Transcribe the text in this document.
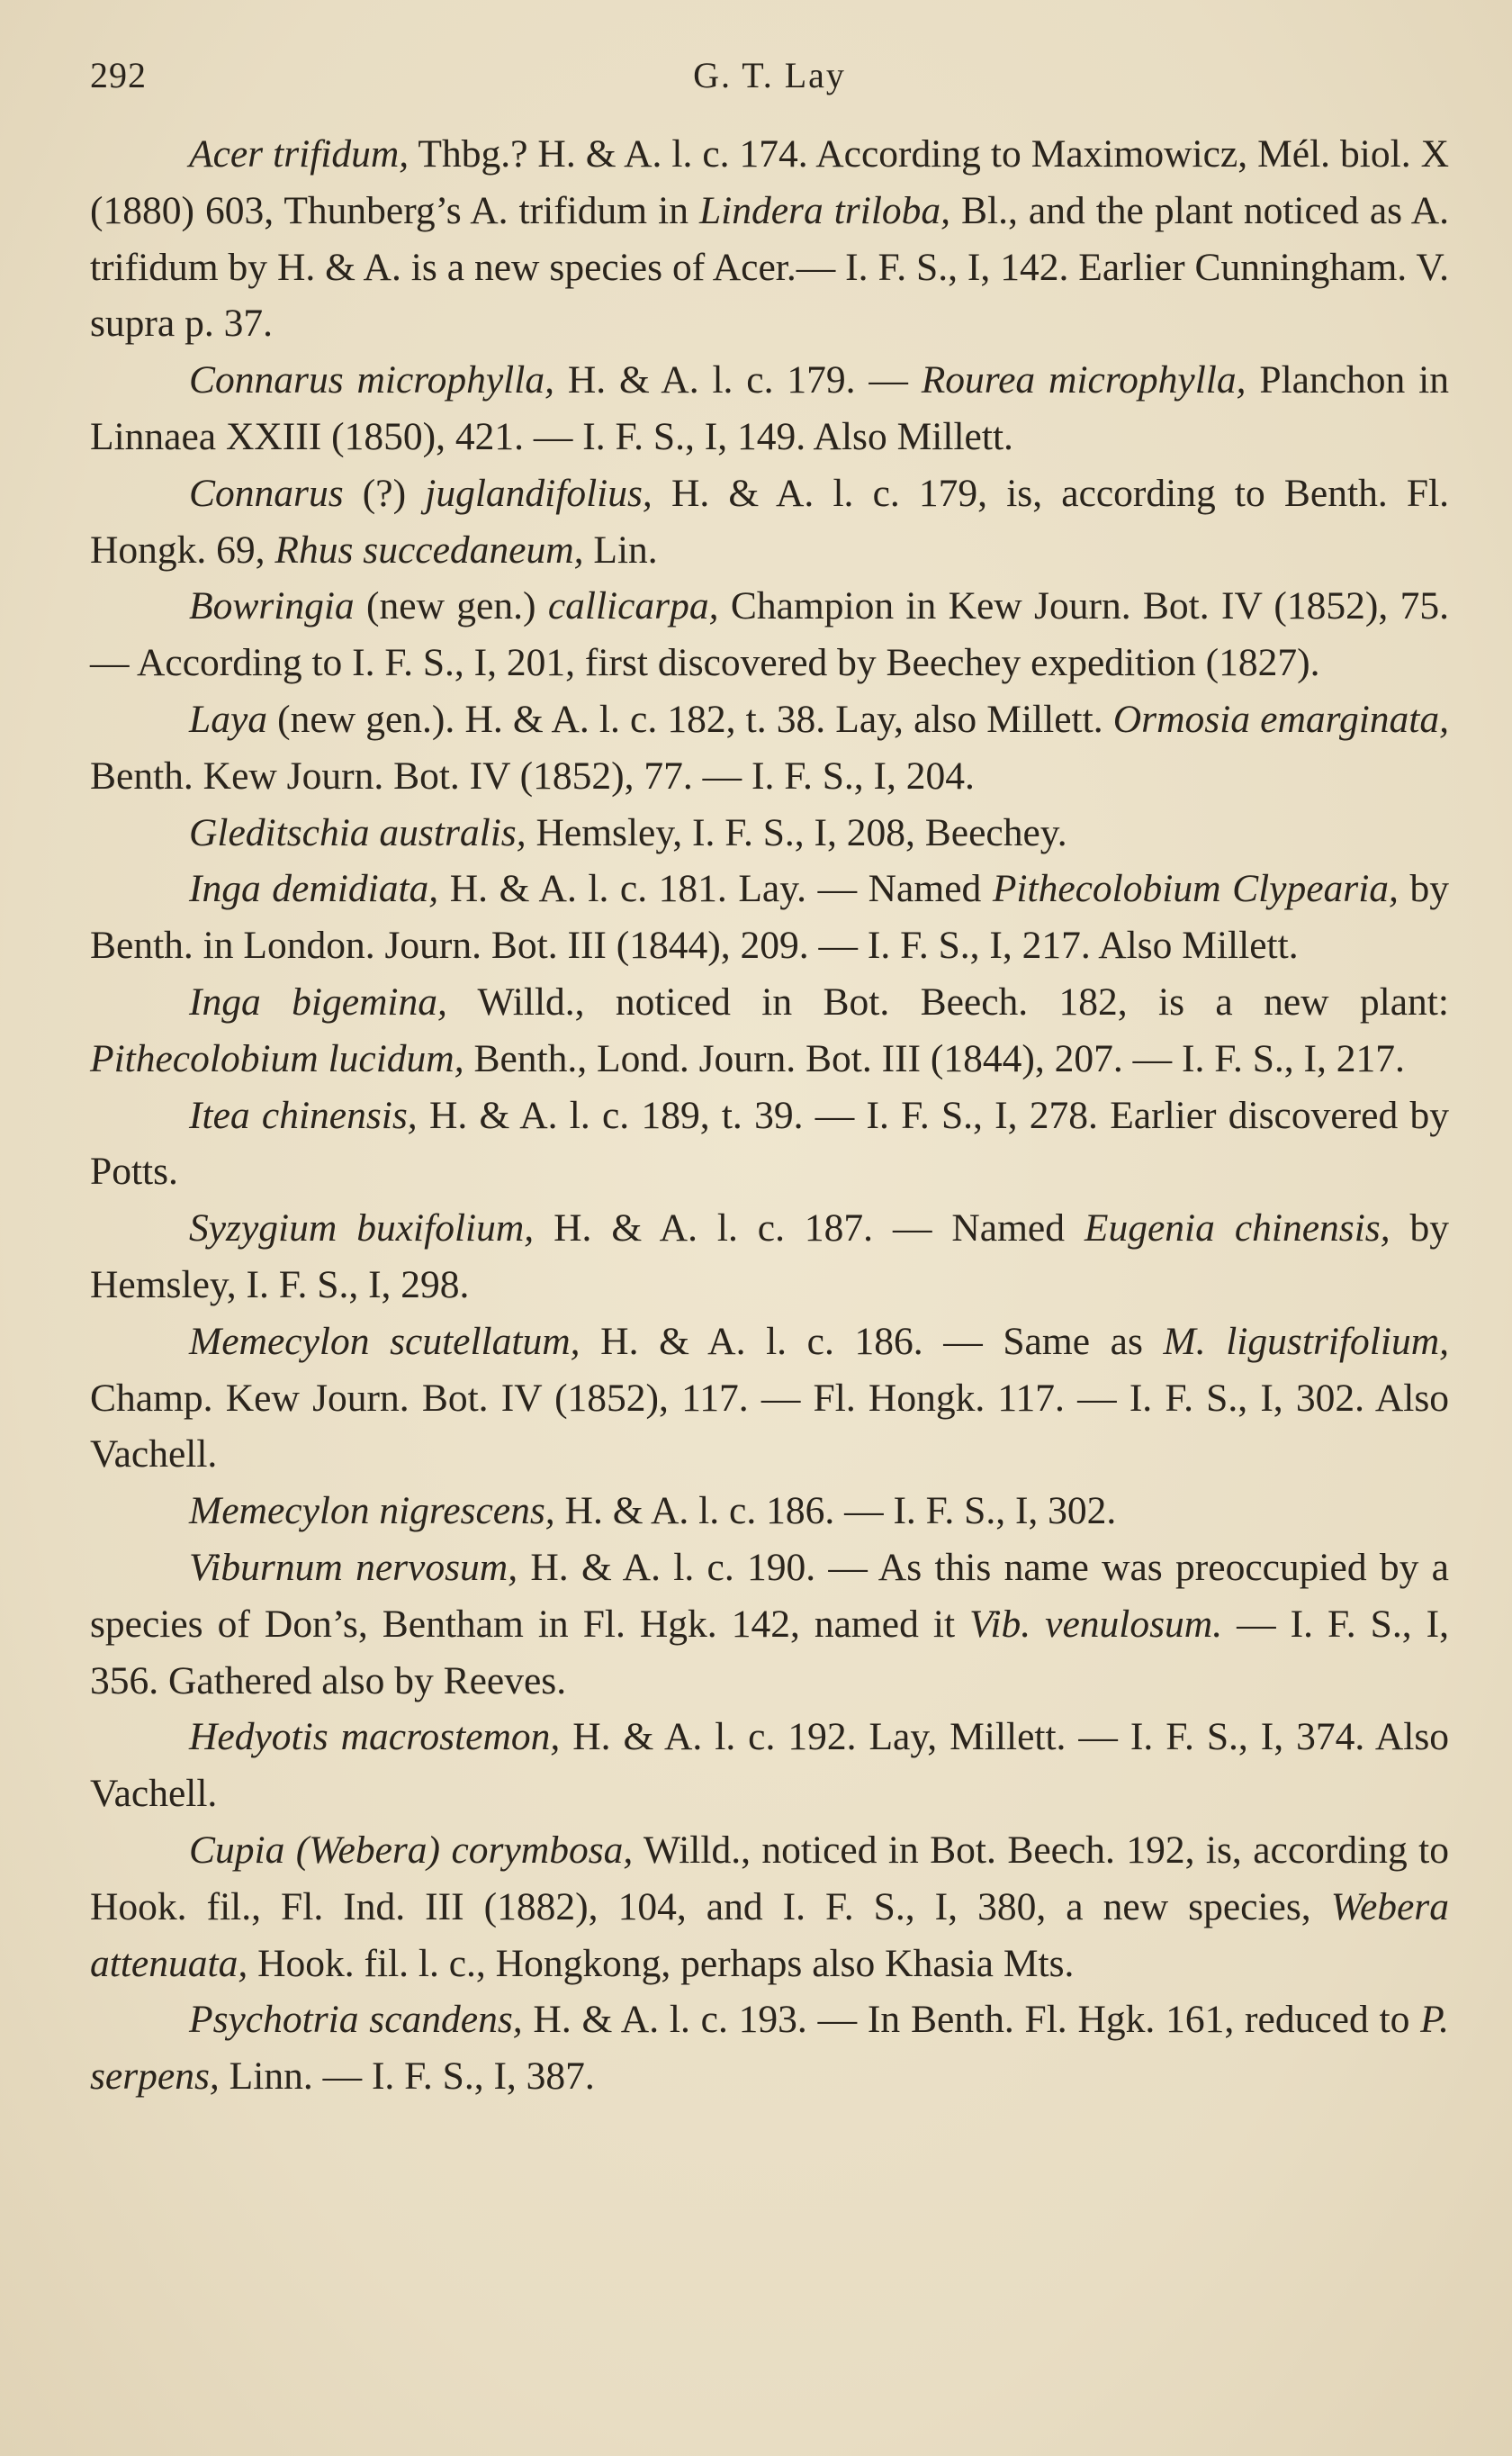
292	G. T. Lay

Acer trifidum, Thbg.? H. & A. l. c. 174. According to Maximowicz, Mél. biol. X (1880) 603, Thunberg’s A. trifidum in Lindera triloba, Bl., and the plant noticed as A. trifidum by H. & A. is a new species of Acer.— I. F. S., I, 142. Earlier Cunningham. V. supra p. 37.

Connarus microphylla, H. & A. l. c. 179. — Rourea microphylla, Planchon in Linnaea XXIII (1850), 421. — I. F. S., I, 149. Also Millett.

Connarus (?) juglandifolius, H. & A. l. c. 179, is, according to Benth. Fl. Hongk. 69, Rhus succedaneum, Lin.

Bowringia (new gen.) callicarpa, Champion in Kew Journ. Bot. IV (1852), 75. — According to I. F. S., I, 201, first discovered by Beechey expedition (1827).

Laya (new gen.). H. & A. l. c. 182, t. 38. Lay, also Millett. Ormosia emarginata, Benth. Kew Journ. Bot. IV (1852), 77. — I. F. S., I, 204.

Gleditschia australis, Hemsley, I. F. S., I, 208, Beechey.

Inga demidiata, H. & A. l. c. 181. Lay. — Named Pithecolobium Clypearia, by Benth. in London. Journ. Bot. III (1844), 209. — I. F. S., I, 217. Also Millett.

Inga bigemina, Willd., noticed in Bot. Beech. 182, is a new plant: Pithecolobium lucidum, Benth., Lond. Journ. Bot. III (1844), 207. — I. F. S., I, 217.

Itea chinensis, H. & A. l. c. 189, t. 39. — I. F. S., I, 278. Earlier discovered by Potts.

Syzygium buxifolium, H. & A. l. c. 187. — Named Eugenia chinensis, by Hemsley, I. F. S., I, 298.

Memecylon scutellatum, H. & A. l. c. 186. — Same as M. ligustrifolium, Champ. Kew Journ. Bot. IV (1852), 117. — Fl. Hongk. 117. — I. F. S., I, 302. Also Vachell.

Memecylon nigrescens, H. & A. l. c. 186. — I. F. S., I, 302.

Viburnum nervosum, H. & A. l. c. 190. — As this name was preoccupied by a species of Don’s, Bentham in Fl. Hgk. 142, named it Vib. venulosum. — I. F. S., I, 356. Gathered also by Reeves.

Hedyotis macrostemon, H. & A. l. c. 192. Lay, Millett. — I. F. S., I, 374. Also Vachell.

Cupia (Webera) corymbosa, Willd., noticed in Bot. Beech. 192, is, according to Hook. fil., Fl. Ind. III (1882), 104, and I. F. S., I, 380, a new species, Webera attenuata, Hook. fil. l. c., Hongkong, perhaps also Khasia Mts.

Psychotria scandens, H. & A. l. c. 193. — In Benth. Fl. Hgk. 161, reduced to P. serpens, Linn. — I. F. S., I, 387.
